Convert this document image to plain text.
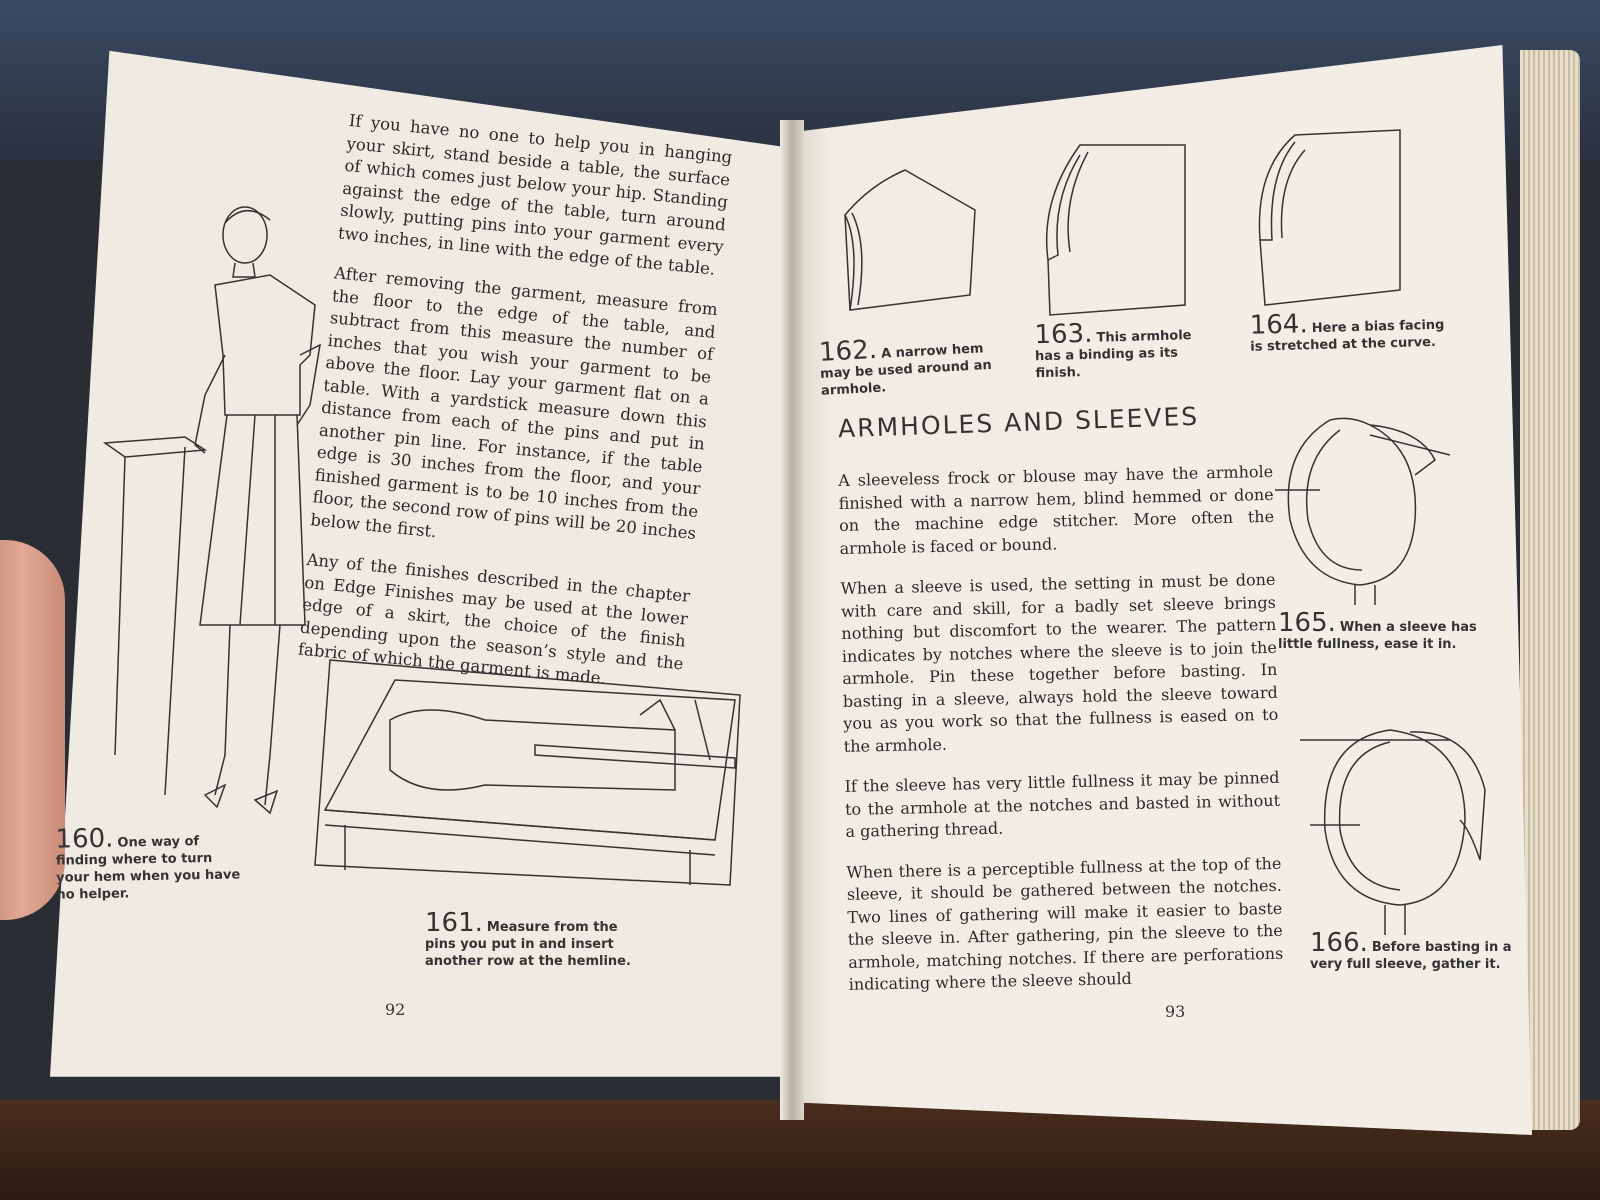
If you have no one to help you in hanging your skirt, stand beside a table, the surface of which comes just below your hip. Standing against the edge of the table, turn around slowly, putting pins into your garment every two inches, in line with the edge of the table.

After removing the garment, measure from the floor to the edge of the table, and subtract from this measure the number of inches that you wish your garment to be above the floor. Lay your garment flat on a table. With a yardstick measure down this distance from each of the pins and put in another pin line. For instance, if the table edge is 30 inches from the floor, and your finished garment is to be 10 inches from the floor, the second row of pins will be 20 inches below the first.

Any of the finishes described in the chapter on Edge Finishes may be used at the lower edge of a skirt, the choice of the finish depending upon the season’s style and the fabric of which the garment is made.

160. One way of finding where to turn your hem when you have no helper.
161. Measure from the pins you put in and insert another row at the hemline.
92
162. A narrow hem may be used around an armhole.
163. This armhole has a binding as its finish.
164. Here a bias facing is stretched at the curve.
ARMHOLES AND SLEEVES

A sleeveless frock or blouse may have the armhole finished with a narrow hem, blind hemmed or done on the machine edge stitcher. More often the armhole is faced or bound.

When a sleeve is used, the setting in must be done with care and skill, for a badly set sleeve brings nothing but discomfort to the wearer. The pattern indicates by notches where the sleeve is to join the armhole. Pin these together before basting. In basting in a sleeve, always hold the sleeve toward you as you work so that the fullness is eased on to the armhole.

If the sleeve has very little fullness it may be pinned to the armhole at the notches and basted in without a gathering thread.

When there is a perceptible fullness at the top of the sleeve, it should be gathered between the notches. Two lines of gathering will make it easier to baste the sleeve in. After gathering, pin the sleeve to the armhole, matching notches. If there are perforations indicating where the sleeve should

165. When a sleeve has little fullness, ease it in.
166. Before basting in a very full sleeve, gather it.
93
